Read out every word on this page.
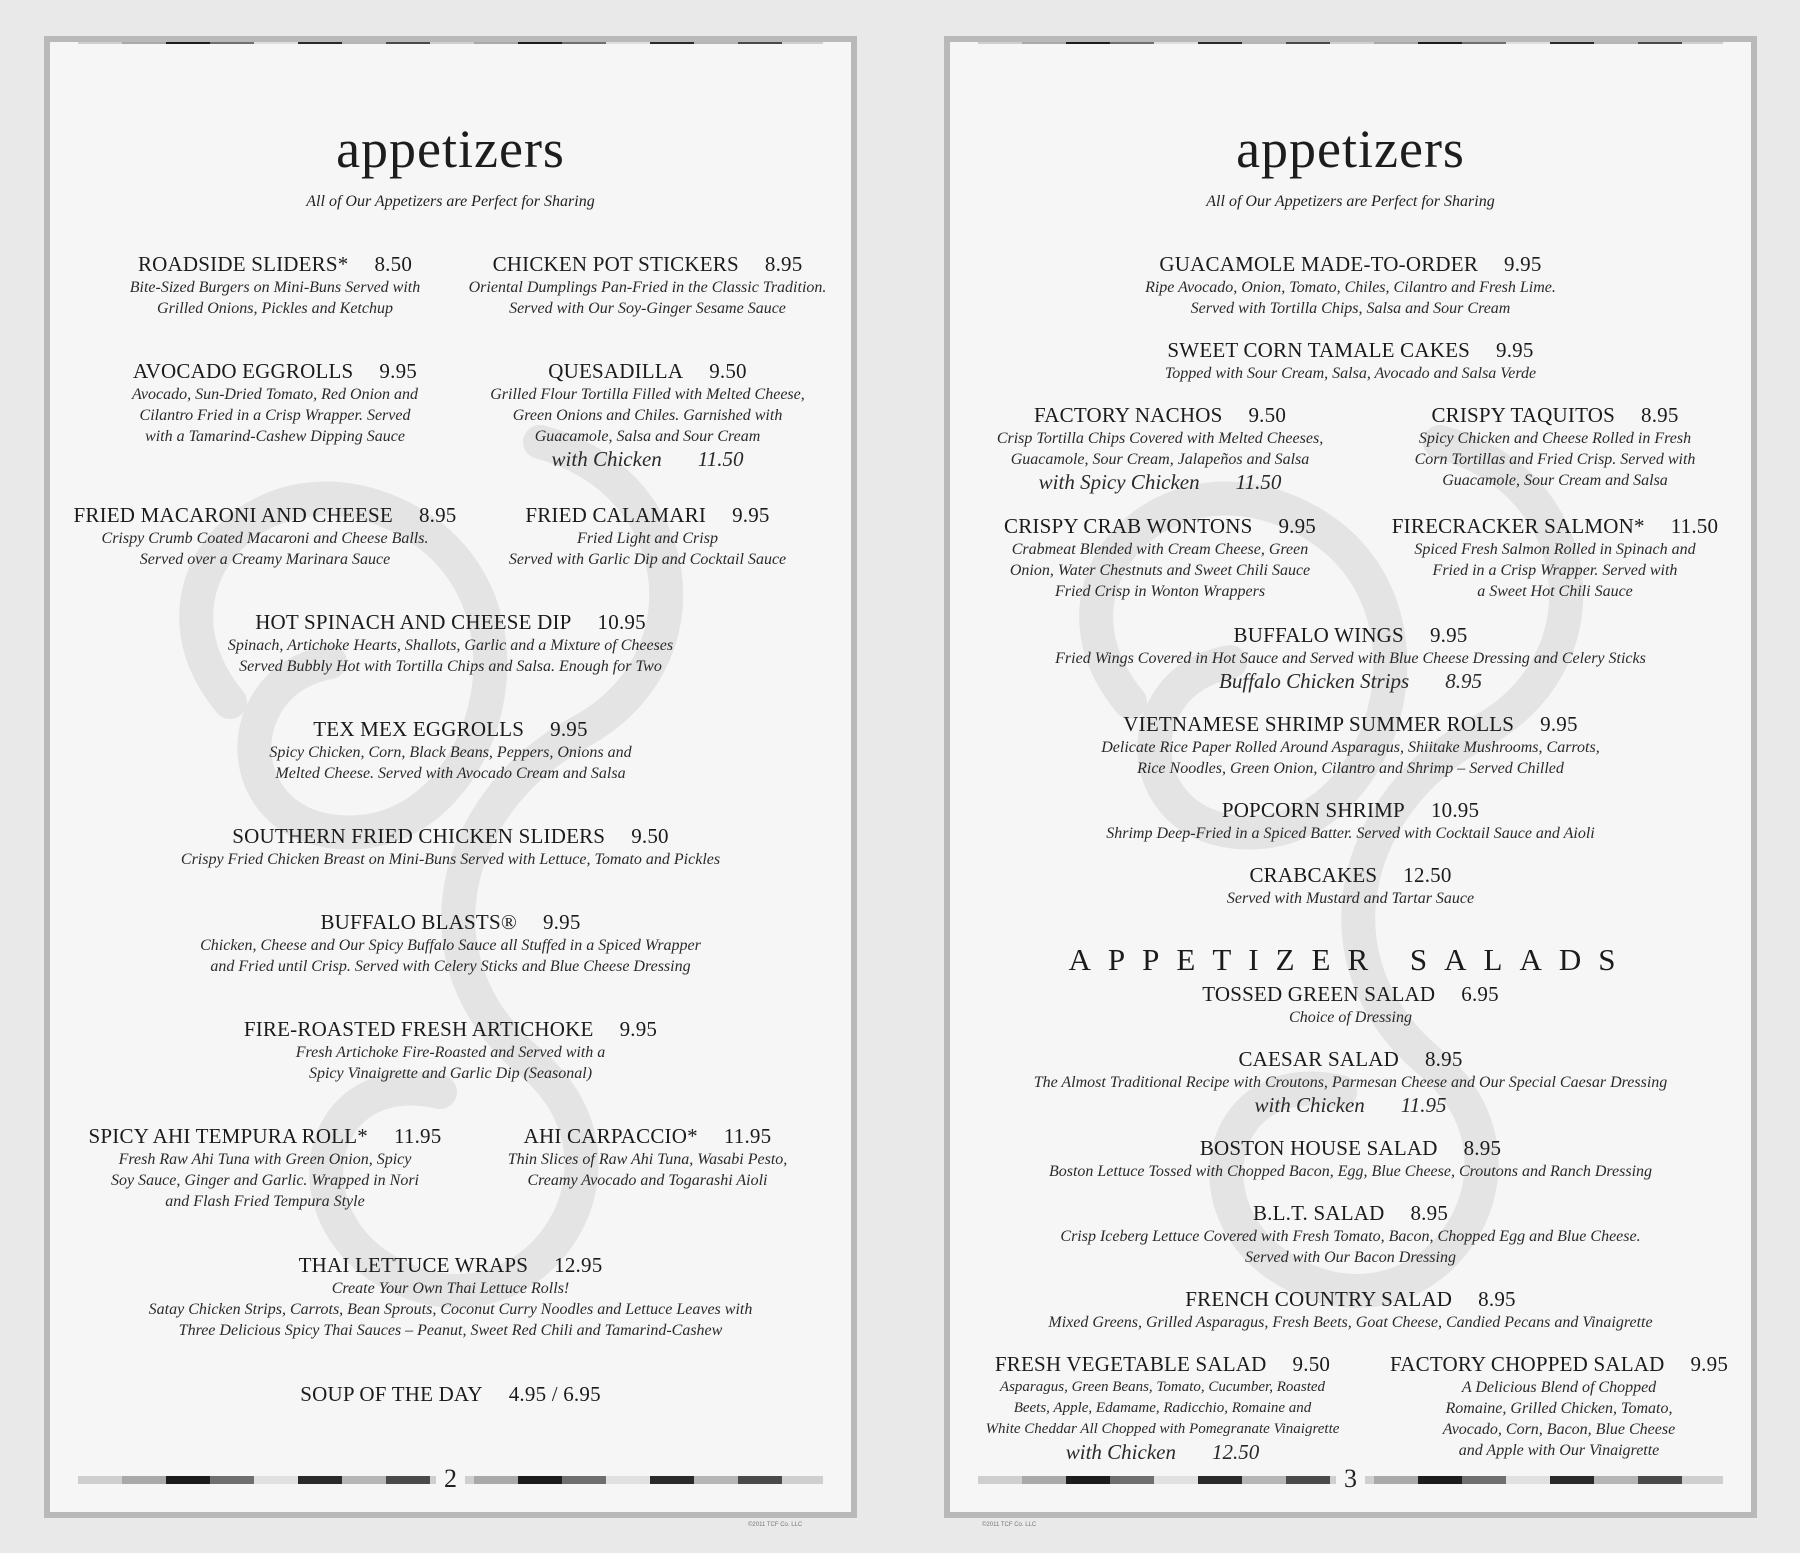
appetizers
All of Our Appetizers are Perfect for Sharing
ROADSIDE SLIDERS* 8.50
Bite-Sized Burgers on Mini-Buns Served with
Grilled Onions, Pickles and Ketchup
CHICKEN POT STICKERS 8.95
Oriental Dumplings Pan-Fried in the Classic Tradition.
Served with Our Soy-Ginger Sesame Sauce
AVOCADO EGGROLLS 9.95
Avocado, Sun-Dried Tomato, Red Onion and
Cilantro Fried in a Crisp Wrapper. Served
with a Tamarind-Cashew Dipping Sauce
QUESADILLA 9.50
Grilled Flour Tortilla Filled with Melted Cheese,
Green Onions and Chiles. Garnished with
Guacamole, Salsa and Sour Cream
with Chicken 11.50
FRIED MACARONI AND CHEESE 8.95
Crispy Crumb Coated Macaroni and Cheese Balls.
Served over a Creamy Marinara Sauce
FRIED CALAMARI 9.95
Fried Light and Crisp
Served with Garlic Dip and Cocktail Sauce
HOT SPINACH AND CHEESE DIP 10.95
Spinach, Artichoke Hearts, Shallots, Garlic and a Mixture of Cheeses
Served Bubbly Hot with Tortilla Chips and Salsa. Enough for Two
TEX MEX EGGROLLS 9.95
Spicy Chicken, Corn, Black Beans, Peppers, Onions and
Melted Cheese. Served with Avocado Cream and Salsa
SOUTHERN FRIED CHICKEN SLIDERS 9.50
Crispy Fried Chicken Breast on Mini-Buns Served with Lettuce, Tomato and Pickles
BUFFALO BLASTS® 9.95
Chicken, Cheese and Our Spicy Buffalo Sauce all Stuffed in a Spiced Wrapper
and Fried until Crisp. Served with Celery Sticks and Blue Cheese Dressing
FIRE-ROASTED FRESH ARTICHOKE 9.95
Fresh Artichoke Fire-Roasted and Served with a
Spicy Vinaigrette and Garlic Dip (Seasonal)
SPICY AHI TEMPURA ROLL* 11.95
Fresh Raw Ahi Tuna with Green Onion, Spicy
Soy Sauce, Ginger and Garlic. Wrapped in Nori
and Flash Fried Tempura Style
AHI CARPACCIO* 11.95
Thin Slices of Raw Ahi Tuna, Wasabi Pesto,
Creamy Avocado and Togarashi Aioli
THAI LETTUCE WRAPS 12.95
Create Your Own Thai Lettuce Rolls!
Satay Chicken Strips, Carrots, Bean Sprouts, Coconut Curry Noodles and Lettuce Leaves with
Three Delicious Spicy Thai Sauces – Peanut, Sweet Red Chili and Tamarind-Cashew
SOUP OF THE DAY 4.95 / 6.95
2
©2011 TCF Co. LLC
appetizers
All of Our Appetizers are Perfect for Sharing
GUACAMOLE MADE-TO-ORDER 9.95
Ripe Avocado, Onion, Tomato, Chiles, Cilantro and Fresh Lime.
Served with Tortilla Chips, Salsa and Sour Cream
SWEET CORN TAMALE CAKES 9.95
Topped with Sour Cream, Salsa, Avocado and Salsa Verde
FACTORY NACHOS 9.50
Crisp Tortilla Chips Covered with Melted Cheeses,
Guacamole, Sour Cream, Jalapeños and Salsa
with Spicy Chicken 11.50
CRISPY TAQUITOS 8.95
Spicy Chicken and Cheese Rolled in Fresh
Corn Tortillas and Fried Crisp. Served with
Guacamole, Sour Cream and Salsa
CRISPY CRAB WONTONS 9.95
Crabmeat Blended with Cream Cheese, Green
Onion, Water Chestnuts and Sweet Chili Sauce
Fried Crisp in Wonton Wrappers
FIRECRACKER SALMON* 11.50
Spiced Fresh Salmon Rolled in Spinach and
Fried in a Crisp Wrapper. Served with
a Sweet Hot Chili Sauce
BUFFALO WINGS 9.95
Fried Wings Covered in Hot Sauce and Served with Blue Cheese Dressing and Celery Sticks
Buffalo Chicken Strips 8.95
VIETNAMESE SHRIMP SUMMER ROLLS 9.95
Delicate Rice Paper Rolled Around Asparagus, Shiitake Mushrooms, Carrots,
Rice Noodles, Green Onion, Cilantro and Shrimp – Served Chilled
POPCORN SHRIMP 10.95
Shrimp Deep-Fried in a Spiced Batter. Served with Cocktail Sauce and Aioli
CRABCAKES 12.50
Served with Mustard and Tartar Sauce
APPETIZER SALADS
TOSSED GREEN SALAD 6.95
Choice of Dressing
CAESAR SALAD 8.95
The Almost Traditional Recipe with Croutons, Parmesan Cheese and Our Special Caesar Dressing
with Chicken 11.95
BOSTON HOUSE SALAD 8.95
Boston Lettuce Tossed with Chopped Bacon, Egg, Blue Cheese, Croutons and Ranch Dressing
B.L.T. SALAD 8.95
Crisp Iceberg Lettuce Covered with Fresh Tomato, Bacon, Chopped Egg and Blue Cheese.
Served with Our Bacon Dressing
FRENCH COUNTRY SALAD 8.95
Mixed Greens, Grilled Asparagus, Fresh Beets, Goat Cheese, Candied Pecans and Vinaigrette
FRESH VEGETABLE SALAD 9.50
Asparagus, Green Beans, Tomato, Cucumber, Roasted
Beets, Apple, Edamame, Radicchio, Romaine and
White Cheddar All Chopped with Pomegranate Vinaigrette
with Chicken 12.50
FACTORY CHOPPED SALAD 9.95
A Delicious Blend of Chopped
Romaine, Grilled Chicken, Tomato,
Avocado, Corn, Bacon, Blue Cheese
and Apple with Our Vinaigrette
3
©2011 TCF Co. LLC
